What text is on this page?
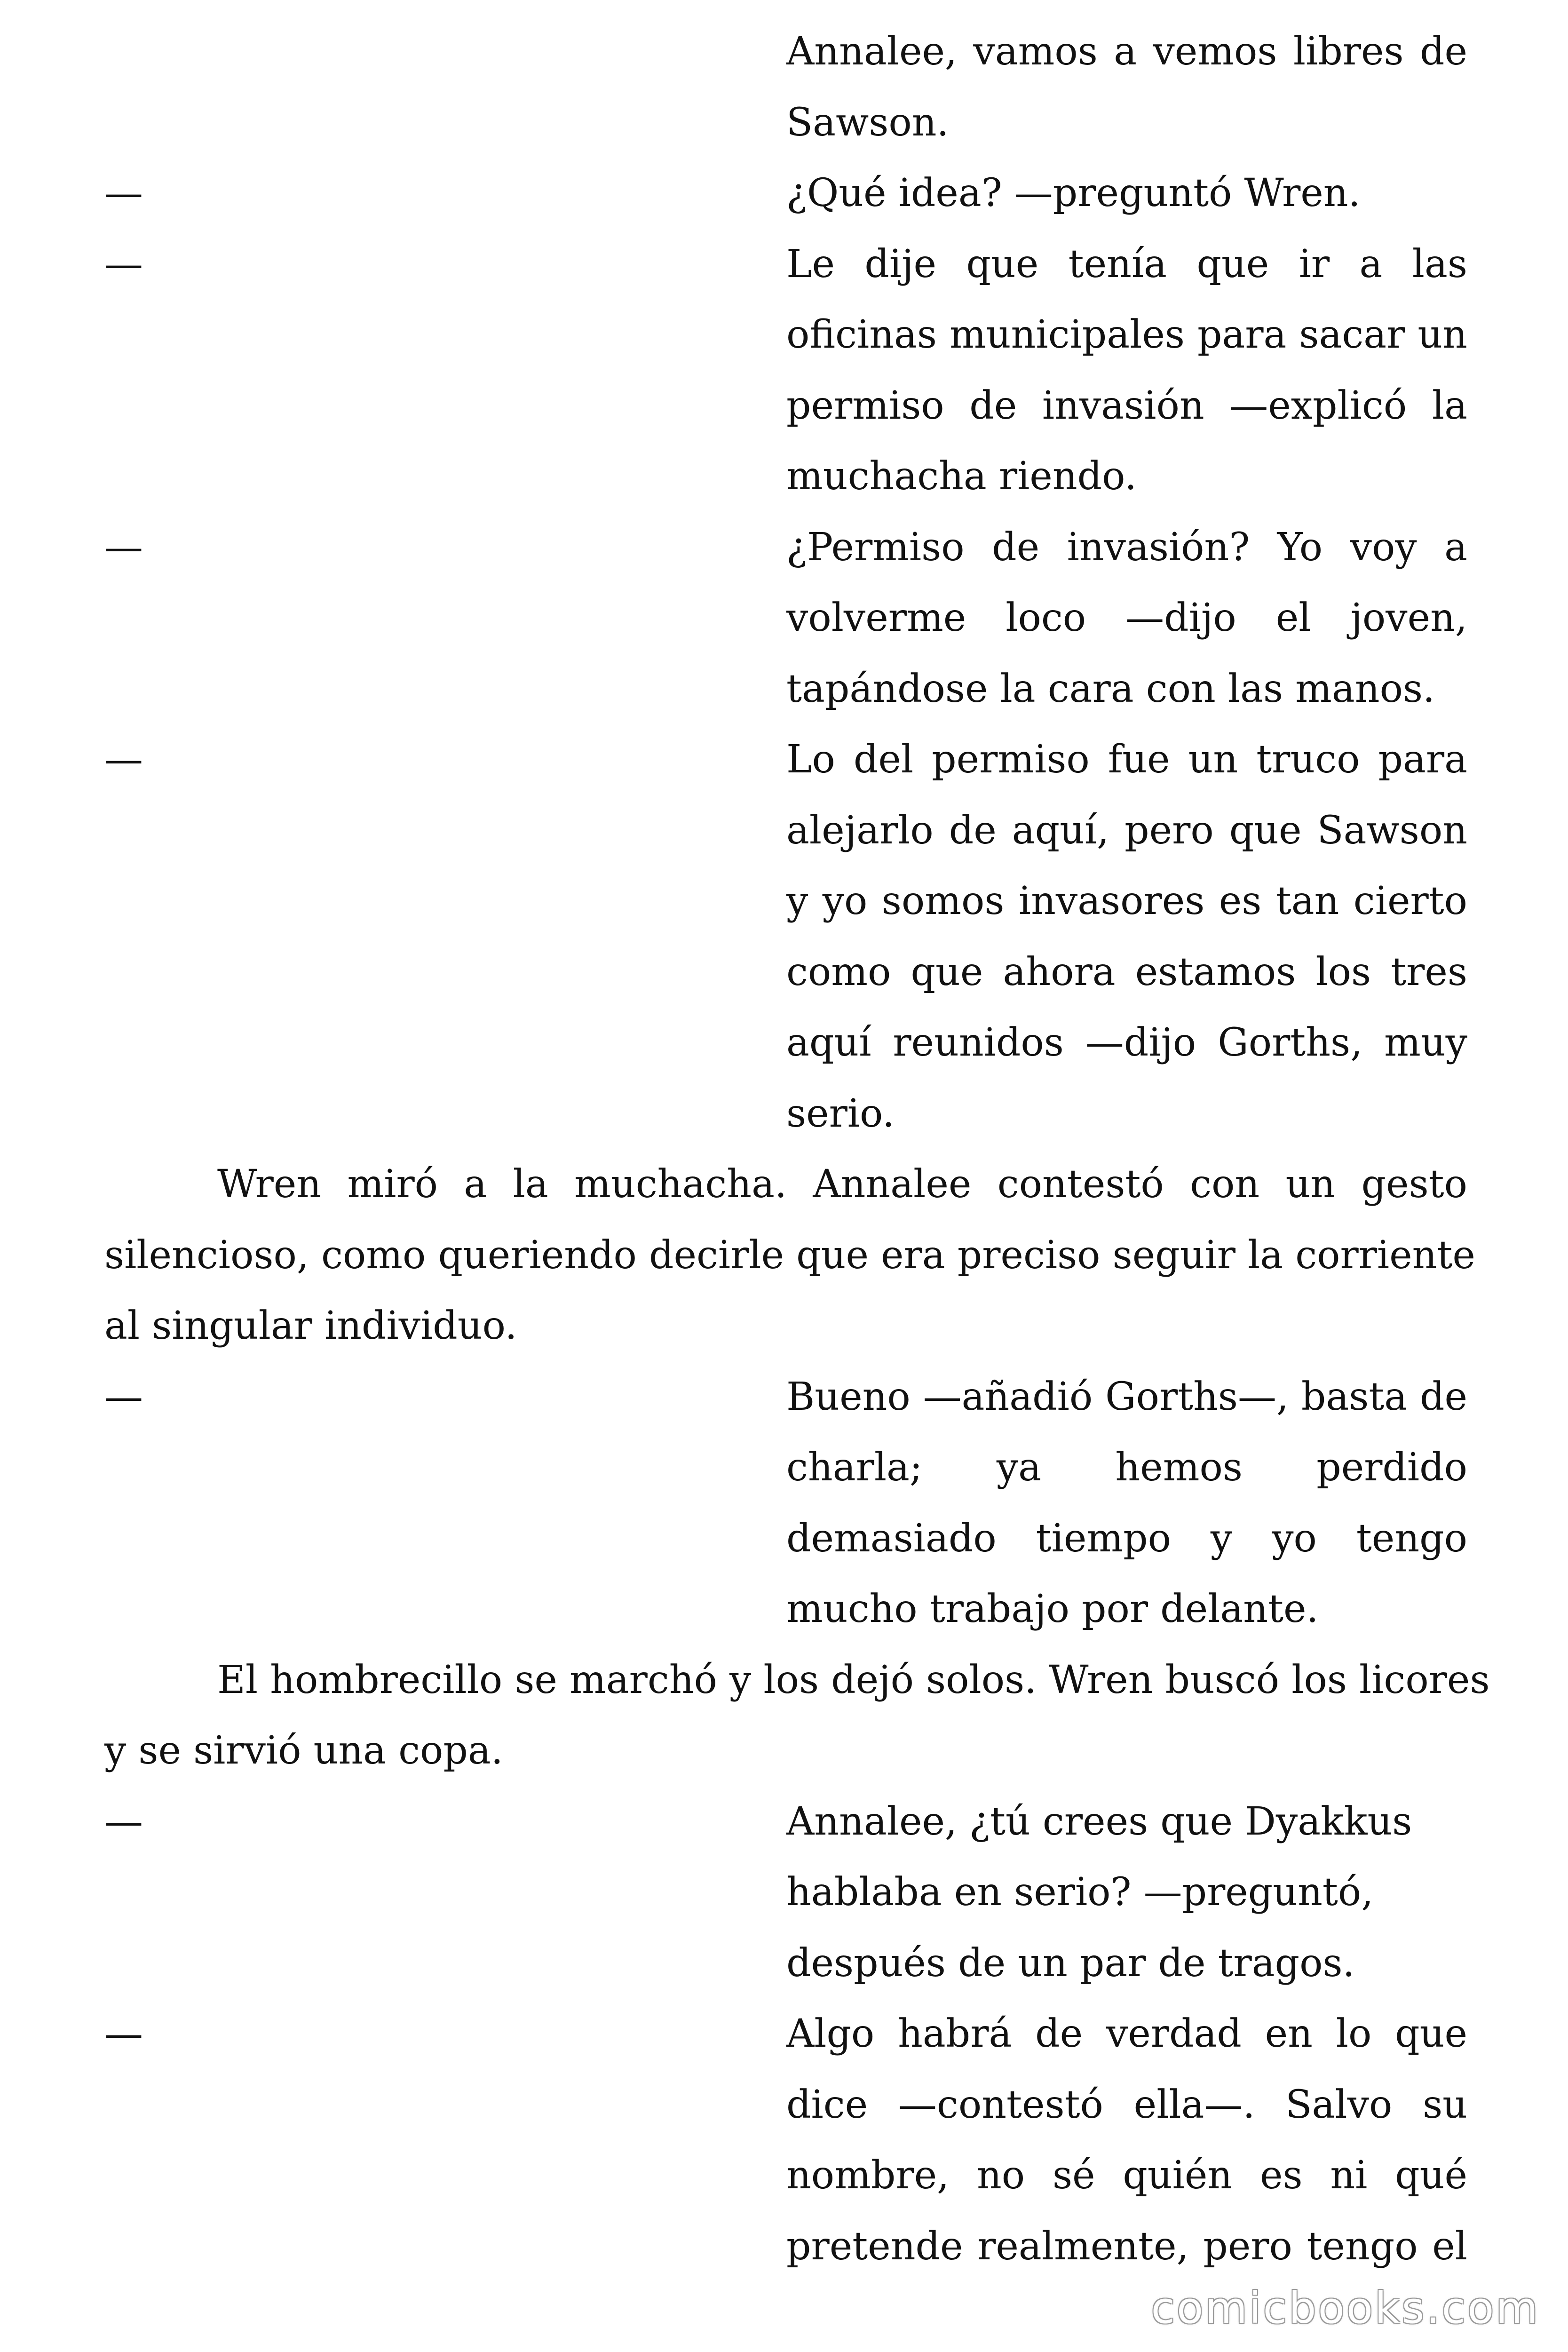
Annalee, vamos a vemos libres de
Sawson.
—	¿Qué idea? —preguntó Wren.
—	Le dije que tenía que ir a las
oficinas municipales para sacar un
permiso de invasión —explicó la
muchacha riendo.
—	¿Permiso de invasión? Yo voy a
volverme loco —dijo el joven,
tapándose la cara con las manos.
—	Lo del permiso fue un truco para
alejarlo de aquí, pero que Sawson
y yo somos invasores es tan cierto
como que ahora estamos los tres
aquí reunidos —dijo Gorths, muy
serio.
Wren miró a la muchacha. Annalee contestó con un gesto
silencioso, como queriendo decirle que era preciso seguir la corriente
al singular individuo.
—	Bueno —añadió Gorths—, basta de
charla; ya hemos perdido
demasiado tiempo y yo tengo
mucho trabajo por delante.
El hombrecillo se marchó y los dejó solos. Wren buscó los licores
y se sirvió una copa.
—	Annalee, ¿tú crees que Dyakkus
hablaba en serio? —preguntó,
después de un par de tragos.
—	Algo habrá de verdad en lo que
dice —contestó ella—. Salvo su
nombre, no sé quién es ni qué
pretende realmente, pero tengo el
comicbooks.com
